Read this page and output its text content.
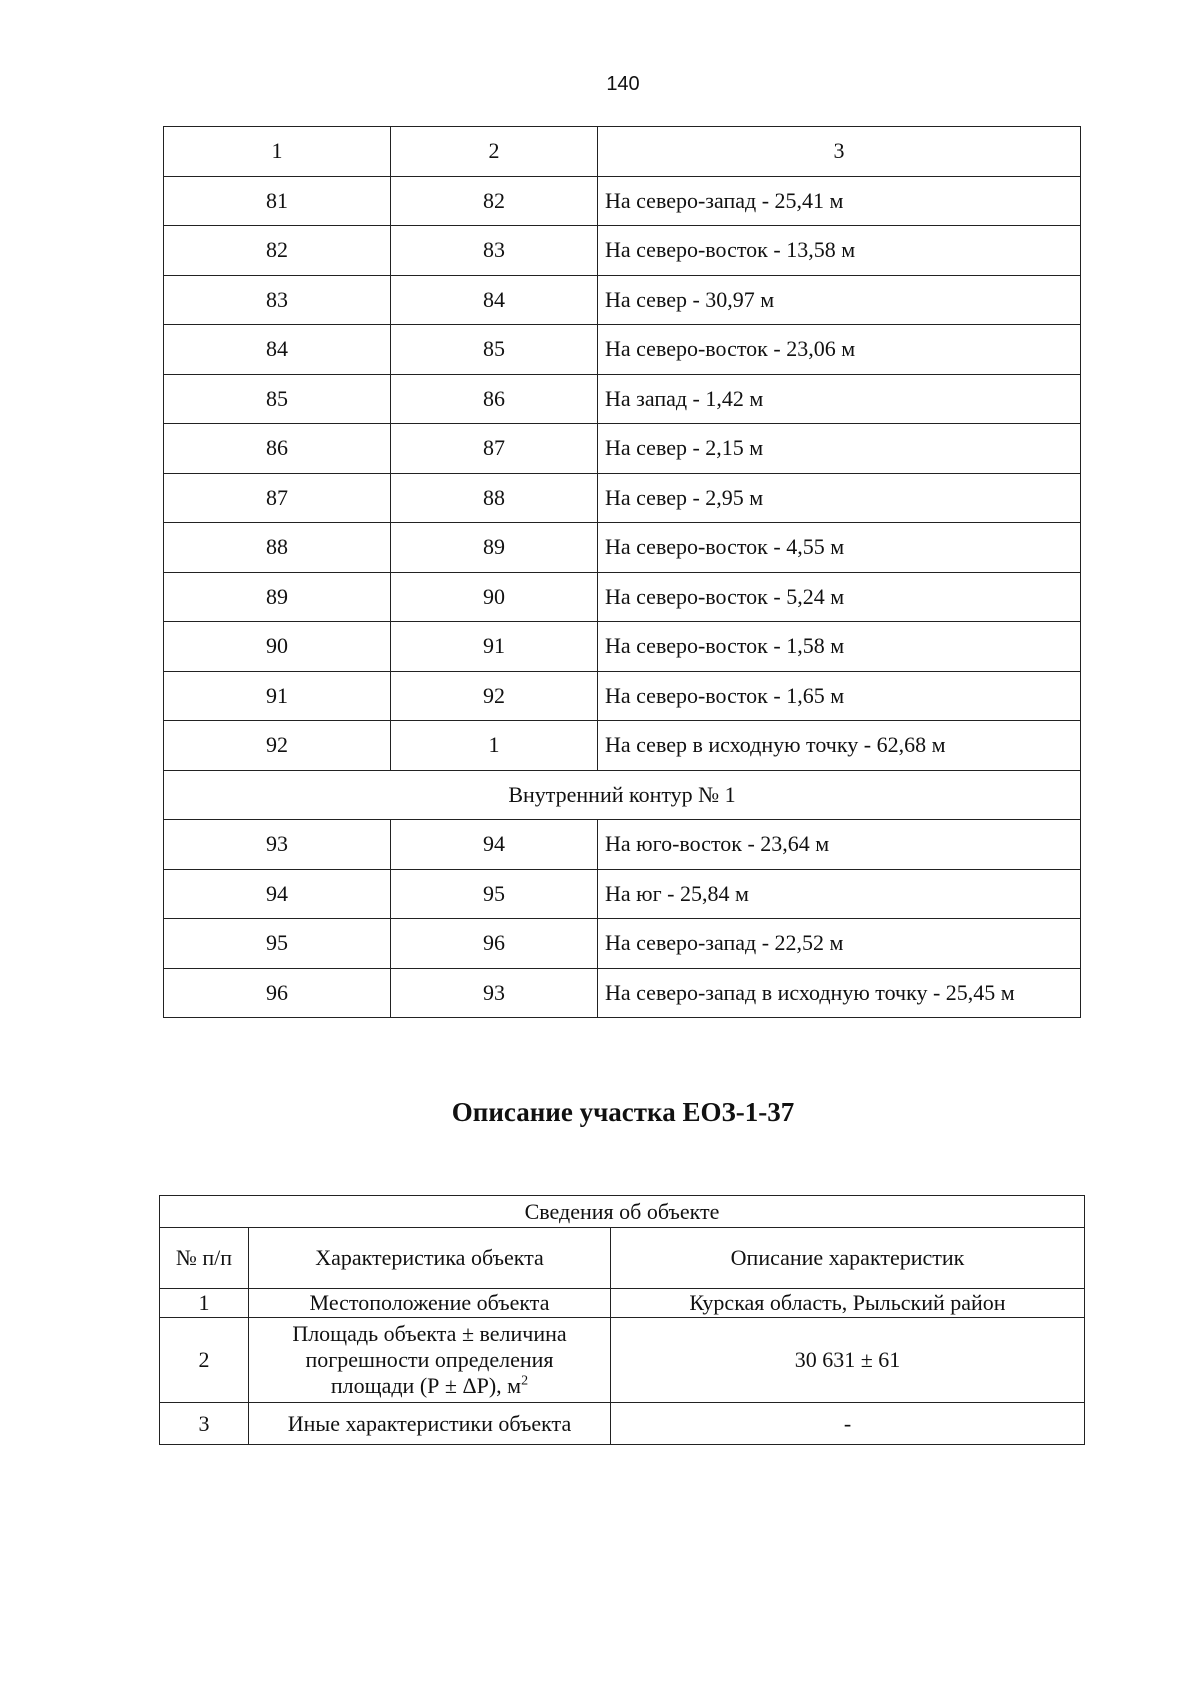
140
1	2	3
81	82	На северо-запад - 25,41 м
82	83	На северо-восток - 13,58 м
83	84	На север - 30,97 м
84	85	На северо-восток - 23,06 м
85	86	На запад - 1,42 м
86	87	На север - 2,15 м
87	88	На север - 2,95 м
88	89	На северо-восток - 4,55 м
89	90	На северо-восток - 5,24 м
90	91	На северо-восток - 1,58 м
91	92	На северо-восток - 1,65 м
92	1	На север в исходную точку - 62,68 м
Внутренний контур № 1		
93	94	На юго-восток - 23,64 м
94	95	На юг - 25,84 м
95	96	На северо-запад - 22,52 м
96	93	На северо-запад в исходную точку - 25,45 м
Описание участка ЕОЗ-1-37
Сведения об объекте		
№ п/п	Характеристика объекта	Описание характеристик
1	Местоположение объекта	Курская область, Рыльский район
2	Площадь объекта ± величина
погрешности определения
площади (Р ± ΔР), $м^2$	30 631 ± 61
3	Иные характеристики объекта	-
